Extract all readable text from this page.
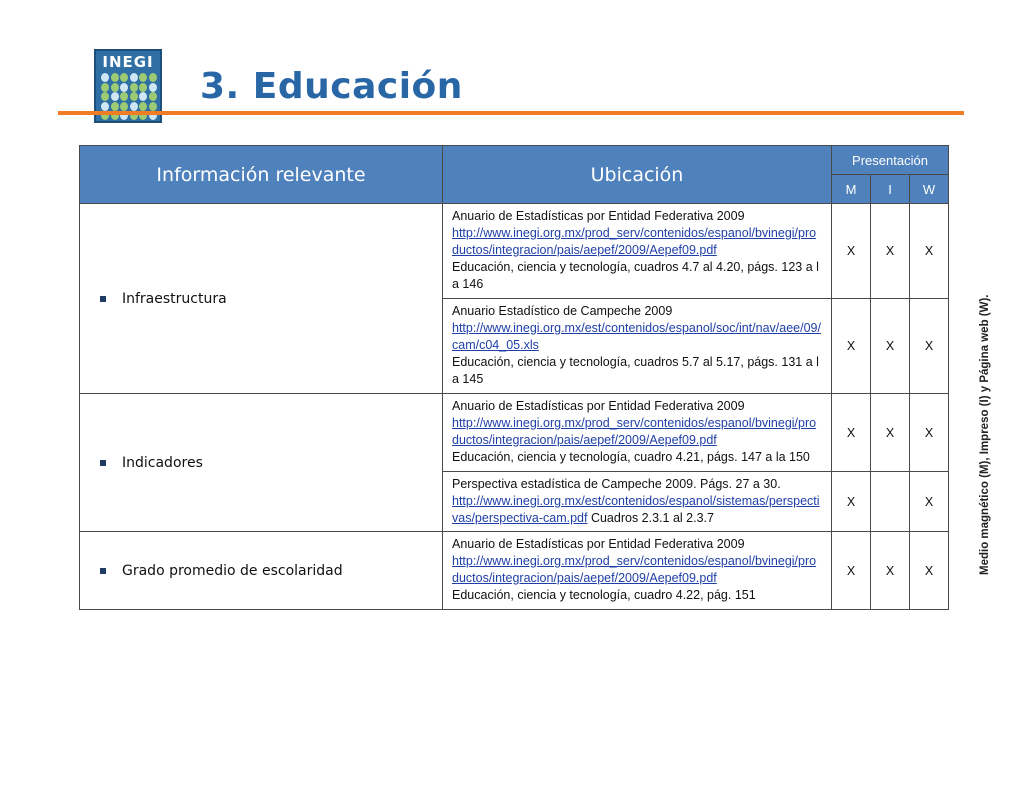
INEGI
3. Educación
Información relevante	Ubicación	Presentación		
		M	I	W
Infraestructura	Anuario de Estadísticas por Entidad Federativa 2009
http://www.inegi.org.mx/prod_serv/contenidos/espanol/bvinegi/productos/integracion/pais/aepef/2009/Aepef09.pdf
Educación, ciencia y tecnología, cuadros 4.7 al 4.20, págs. 123 a la 146	X	X	X
	Anuario Estadístico de Campeche 2009
http://www.inegi.org.mx/est/contenidos/espanol/soc/int/nav/aee/09/cam/c04_05.xls
Educación, ciencia y tecnología, cuadros 5.7 al 5.17, págs. 131 a la 145	X	X	X
Indicadores	Anuario de Estadísticas por Entidad Federativa 2009
http://www.inegi.org.mx/prod_serv/contenidos/espanol/bvinegi/productos/integracion/pais/aepef/2009/Aepef09.pdf
Educación, ciencia y tecnología, cuadro 4.21, págs. 147 a la 150	X	X	X
	Perspectiva estadística de Campeche 2009. Págs. 27 a 30.
http://www.inegi.org.mx/est/contenidos/espanol/sistemas/perspectivas/perspectiva-cam.pdf Cuadros 2.3.1 al 2.3.7	X		X
Grado promedio de escolaridad	Anuario de Estadísticas por Entidad Federativa 2009
http://www.inegi.org.mx/prod_serv/contenidos/espanol/bvinegi/productos/integracion/pais/aepef/2009/Aepef09.pdf
Educación, ciencia y tecnología, cuadro 4.22, pág. 151	X	X	X	Medio magnético (M), Impreso (I) y Página web (W).
